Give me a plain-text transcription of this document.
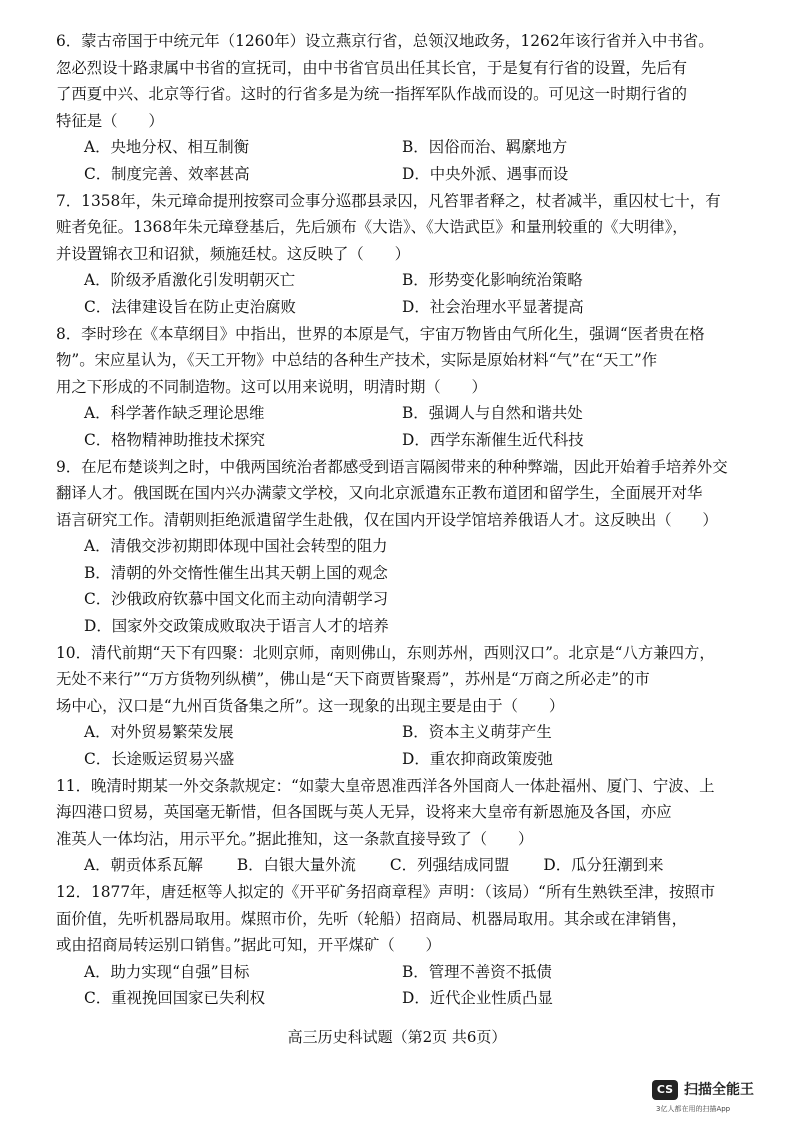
6．蒙古帝国于中统元年（1260年）设立燕京行省，总领汉地政务，1262年该行省并入中书省。

忽必烈设十路隶属中书省的宣抚司，由中书省官员出任其长官，于是复有行省的设置，先后有

了西夏中兴、北京等行省。这时的行省多是为统一指挥军队作战而设的。可见这一时期行省的

特征是（　　）

A．央地分权、相互制衡	B．因俗而治、羁縻地方
C．制度完善、效率甚高	D．中央外派、遇事而设

7．1358年，朱元璋命提刑按察司佥事分巡郡县录囚，凡笞罪者释之，杖者减半，重囚杖七十，有

赃者免征。1368年朱元璋登基后，先后颁布《大诰》、《大诰武臣》和量刑较重的《大明律》，

并设置锦衣卫和诏狱，频施廷杖。这反映了（　　）

A．阶级矛盾激化引发明朝灭亡	B．形势变化影响统治策略
C．法律建设旨在防止吏治腐败	D．社会治理水平显著提高

8．李时珍在《本草纲目》中指出，世界的本原是气，宇宙万物皆由气所化生，强调“医者贵在格

物”。宋应星认为，《天工开物》中总结的各种生产技术，实际是原始材料“气”在“天工”作

用之下形成的不同制造物。这可以用来说明，明清时期（　　）

A．科学著作缺乏理论思维	B．强调人与自然和谐共处
C．格物精神助推技术探究	D．西学东渐催生近代科技

9．在尼布楚谈判之时，中俄两国统治者都感受到语言隔阂带来的种种弊端，因此开始着手培养外交

翻译人才。俄国既在国内兴办满蒙文学校，又向北京派遣东正教布道团和留学生，全面展开对华

语言研究工作。清朝则拒绝派遣留学生赴俄，仅在国内开设学馆培养俄语人才。这反映出（　　）

A．清俄交涉初期即体现中国社会转型的阻力
B．清朝的外交惰性催生出其天朝上国的观念
C．沙俄政府钦慕中国文化而主动向清朝学习
D．国家外交政策成败取决于语言人才的培养

10．清代前期“天下有四聚：北则京师，南则佛山，东则苏州，西则汉口”。北京是“八方兼四方，

无处不来行”“万方货物列纵横”，佛山是“天下商贾皆聚焉”，苏州是“万商之所必走”的市

场中心，汉口是“九州百货备集之所”。这一现象的出现主要是由于（　　）

A．对外贸易繁荣发展	B．资本主义萌芽产生
C．长途贩运贸易兴盛	D．重农抑商政策废弛

11．晚清时期某一外交条款规定：“如蒙大皇帝恩准西洋各外国商人一体赴福州、厦门、宁波、上

海四港口贸易，英国毫无靳惜，但各国既与英人无异，设将来大皇帝有新恩施及各国，亦应

准英人一体均沾，用示平允。”据此推知，这一条款直接导致了（　　）

A．朝贡体系瓦解 B．白银大量外流 C．列强结成同盟 D．瓜分狂潮到来

12．1877年，唐廷枢等人拟定的《开平矿务招商章程》声明：（该局）“所有生熟铁至津，按照市

面价值，先听机器局取用。煤照市价，先听（轮船）招商局、机器局取用。其余或在津销售，

或由招商局转运别口销售。”据此可知，开平煤矿（　　）

A．助力实现“自强”目标	B．管理不善资不抵债
C．重视挽回国家已失利权	D．近代企业性质凸显
高三历史科试题（第2页 共6页）
CS 扫描全能王
3亿人都在用的扫描App
